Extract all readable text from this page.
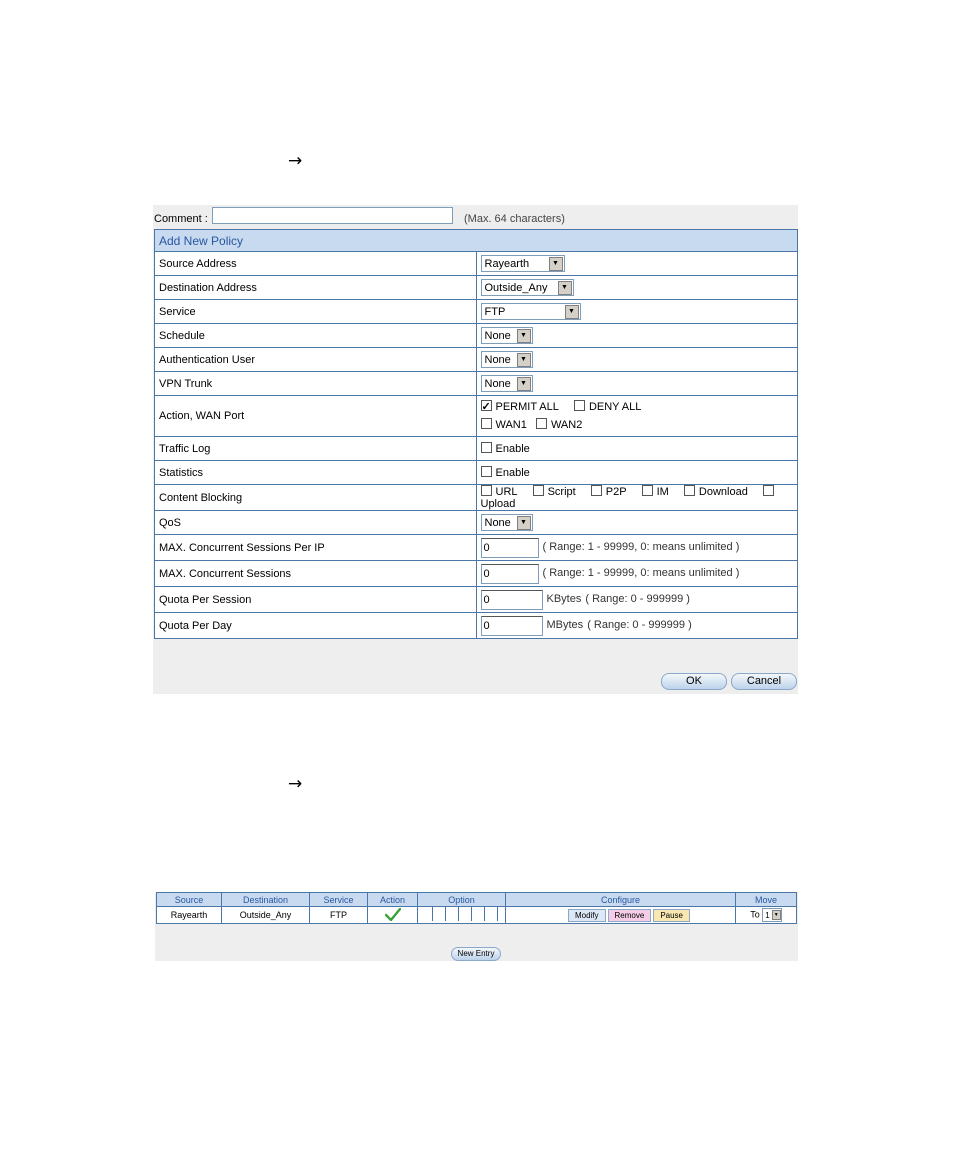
→
Comment :	(Max. 64 characters)
Add New Policy	
Source Address	Rayearth ▼

Destination Address	Outside_Any ▼

Service	FTP ▼

Schedule	None ▼

Authentication User	None ▼

VPN Trunk	None ▼

Action, WAN Port	
✓PERMIT ALL DENY ALL
WAN1 WAN2

Traffic Log	Enable
Statistics	Enable
Content Blocking	URL Script P2P IM Download Upload
QoS	None ▼

MAX. Concurrent Sessions Per IP	0 ( Range: 1 - 99999, 0: means unlimited )
MAX. Concurrent Sessions	0 ( Range: 1 - 99999, 0: means unlimited )
Quota Per Session	0 KBytes ( Range: 0 - 999999 )
Quota Per Day	0 MBytes ( Range: 0 - 999999 )
OK	Cancel
→
Source	Destination	Service	Action	Option	Configure	Move
Rayearth	Outside_Any	FTP			Modify Remove Pause	To 1 ▼
New Entry
